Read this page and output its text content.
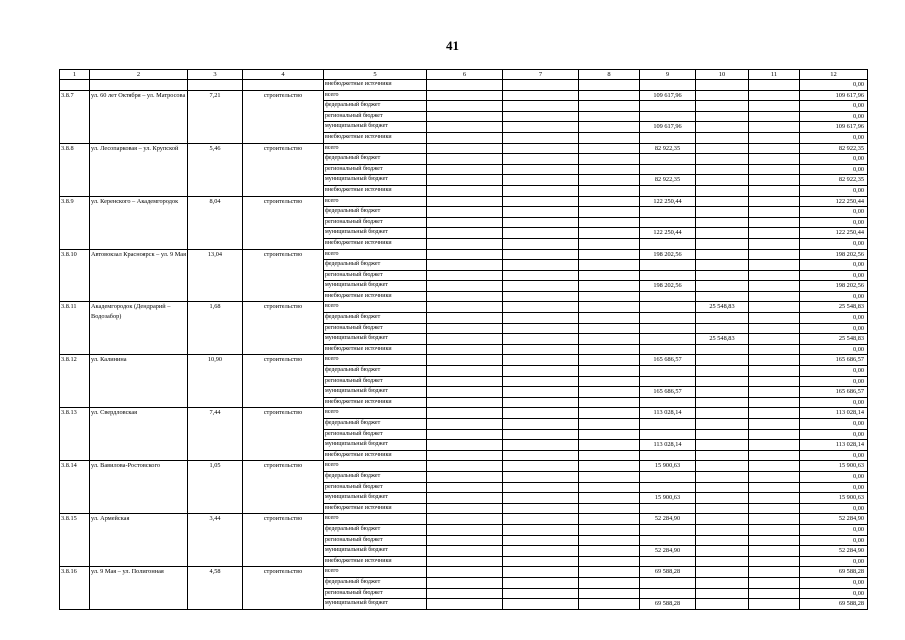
41
1	2	3	4	5	6	7	8	9	10	11	12
				внебюджетные источники							0,00
3.8.7	ул. 60 лет Октября – ул. Матросова	7,21	строительство	всего				109 617,96			109 617,96
				федеральный бюджет							0,00
				региональный бюджет							0,00
				муниципальный бюджет				109 617,96			109 617,96
				внебюджетные источники							0,00
3.8.8	ул. Лесопарковая – ул. Крупской	5,46	строительство	всего				82 922,35			82 922,35
				федеральный бюджет							0,00
				региональный бюджет							0,00
				муниципальный бюджет				82 922,35			82 922,35
				внебюджетные источники							0,00
3.8.9	ул. Керенского – Академгородок	8,04	строительство	всего				122 250,44			122 250,44
				федеральный бюджет							0,00
				региональный бюджет							0,00
				муниципальный бюджет				122 250,44			122 250,44
				внебюджетные источники							0,00
3.8.10	Автовокзал Красноярск – ул. 9 Мая	13,04	строительство	всего				198 202,56			198 202,56
				федеральный бюджет							0,00
				региональный бюджет							0,00
				муниципальный бюджет				198 202,56			198 202,56
				внебюджетные источники							0,00
3.8.11	Академгородок (Дендрарий – Водозабор)	1,68	строительство	всего					25 548,83		25 548,83
				федеральный бюджет							0,00
				региональный бюджет							0,00
				муниципальный бюджет					25 548,83		25 548,83
				внебюджетные источники							0,00
3.8.12	ул. Калинина	10,90	строительство	всего				165 686,57			165 686,57
				федеральный бюджет							0,00
				региональный бюджет							0,00
				муниципальный бюджет				165 686,57			165 686,57
				внебюджетные источники							0,00
3.8.13	ул. Свердловская	7,44	строительство	всего				113 028,14			113 028,14
				федеральный бюджет							0,00
				региональный бюджет							0,00
				муниципальный бюджет				113 028,14			113 028,14
				внебюджетные источники							0,00
3.8.14	ул. Вавилова-Ростовского	1,05	строительство	всего				15 900,63			15 900,63
				федеральный бюджет							0,00
				региональный бюджет							0,00
				муниципальный бюджет				15 900,63			15 900,63
				внебюджетные источники							0,00
3.8.15	ул. Армейская	3,44	строительство	всего				52 284,90			52 284,90
				федеральный бюджет							0,00
				региональный бюджет							0,00
				муниципальный бюджет				52 284,90			52 284,90
				внебюджетные источники							0,00
3.8.16	ул. 9 Мая – ул. Полигонная	4,58	строительство	всего				69 588,28			69 588,28
				федеральный бюджет							0,00
				региональный бюджет							0,00
				муниципальный бюджет				69 588,28			69 588,28
